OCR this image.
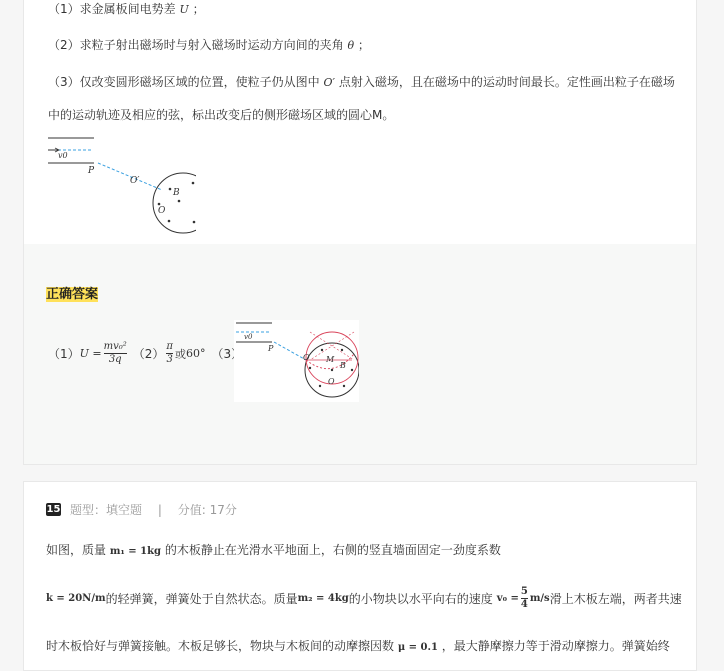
（1）求金属板间电势差 U ；
（2）求粒子射出磁场时与射入磁场时运动方向间的夹角 θ ；
（3）仅改变圆形磁场区域的位置，使粒子仍从图中 O′ 点射入磁场，且在磁场中的运动时间最长。定性画出粒子在磁场
中的运动轨迹及相应的弦，标出改变后的侧形磁场区域的圆心M。
v0
P
O′
B
O
正确答案
（1） $U = \frac{\text{mv₀²}}{3q} (2) \frac{\pi}{3}$ 或 60° （3）
v0
P
O M
B
O
15 题型：填空题 | 分值: 17分
如图，质量 m₁ = 1kg 的木板静止在光滑水平地面上，右侧的竖直墙面固定一劲度系数
k = 20N/m 的轻弹簧，弹簧处于自然状态。质量 m₂ = 4kg 的小物块以水平向右的速度 $v_0 = \frac{5}{4} m/s$ 滑上木板左端，两者共速
时木板恰好与弹簧接触。木板足够长，物块与木板间的动摩擦因数 μ = 0.1 ，最大静摩擦力等于滑动摩擦力。弹簧始终
